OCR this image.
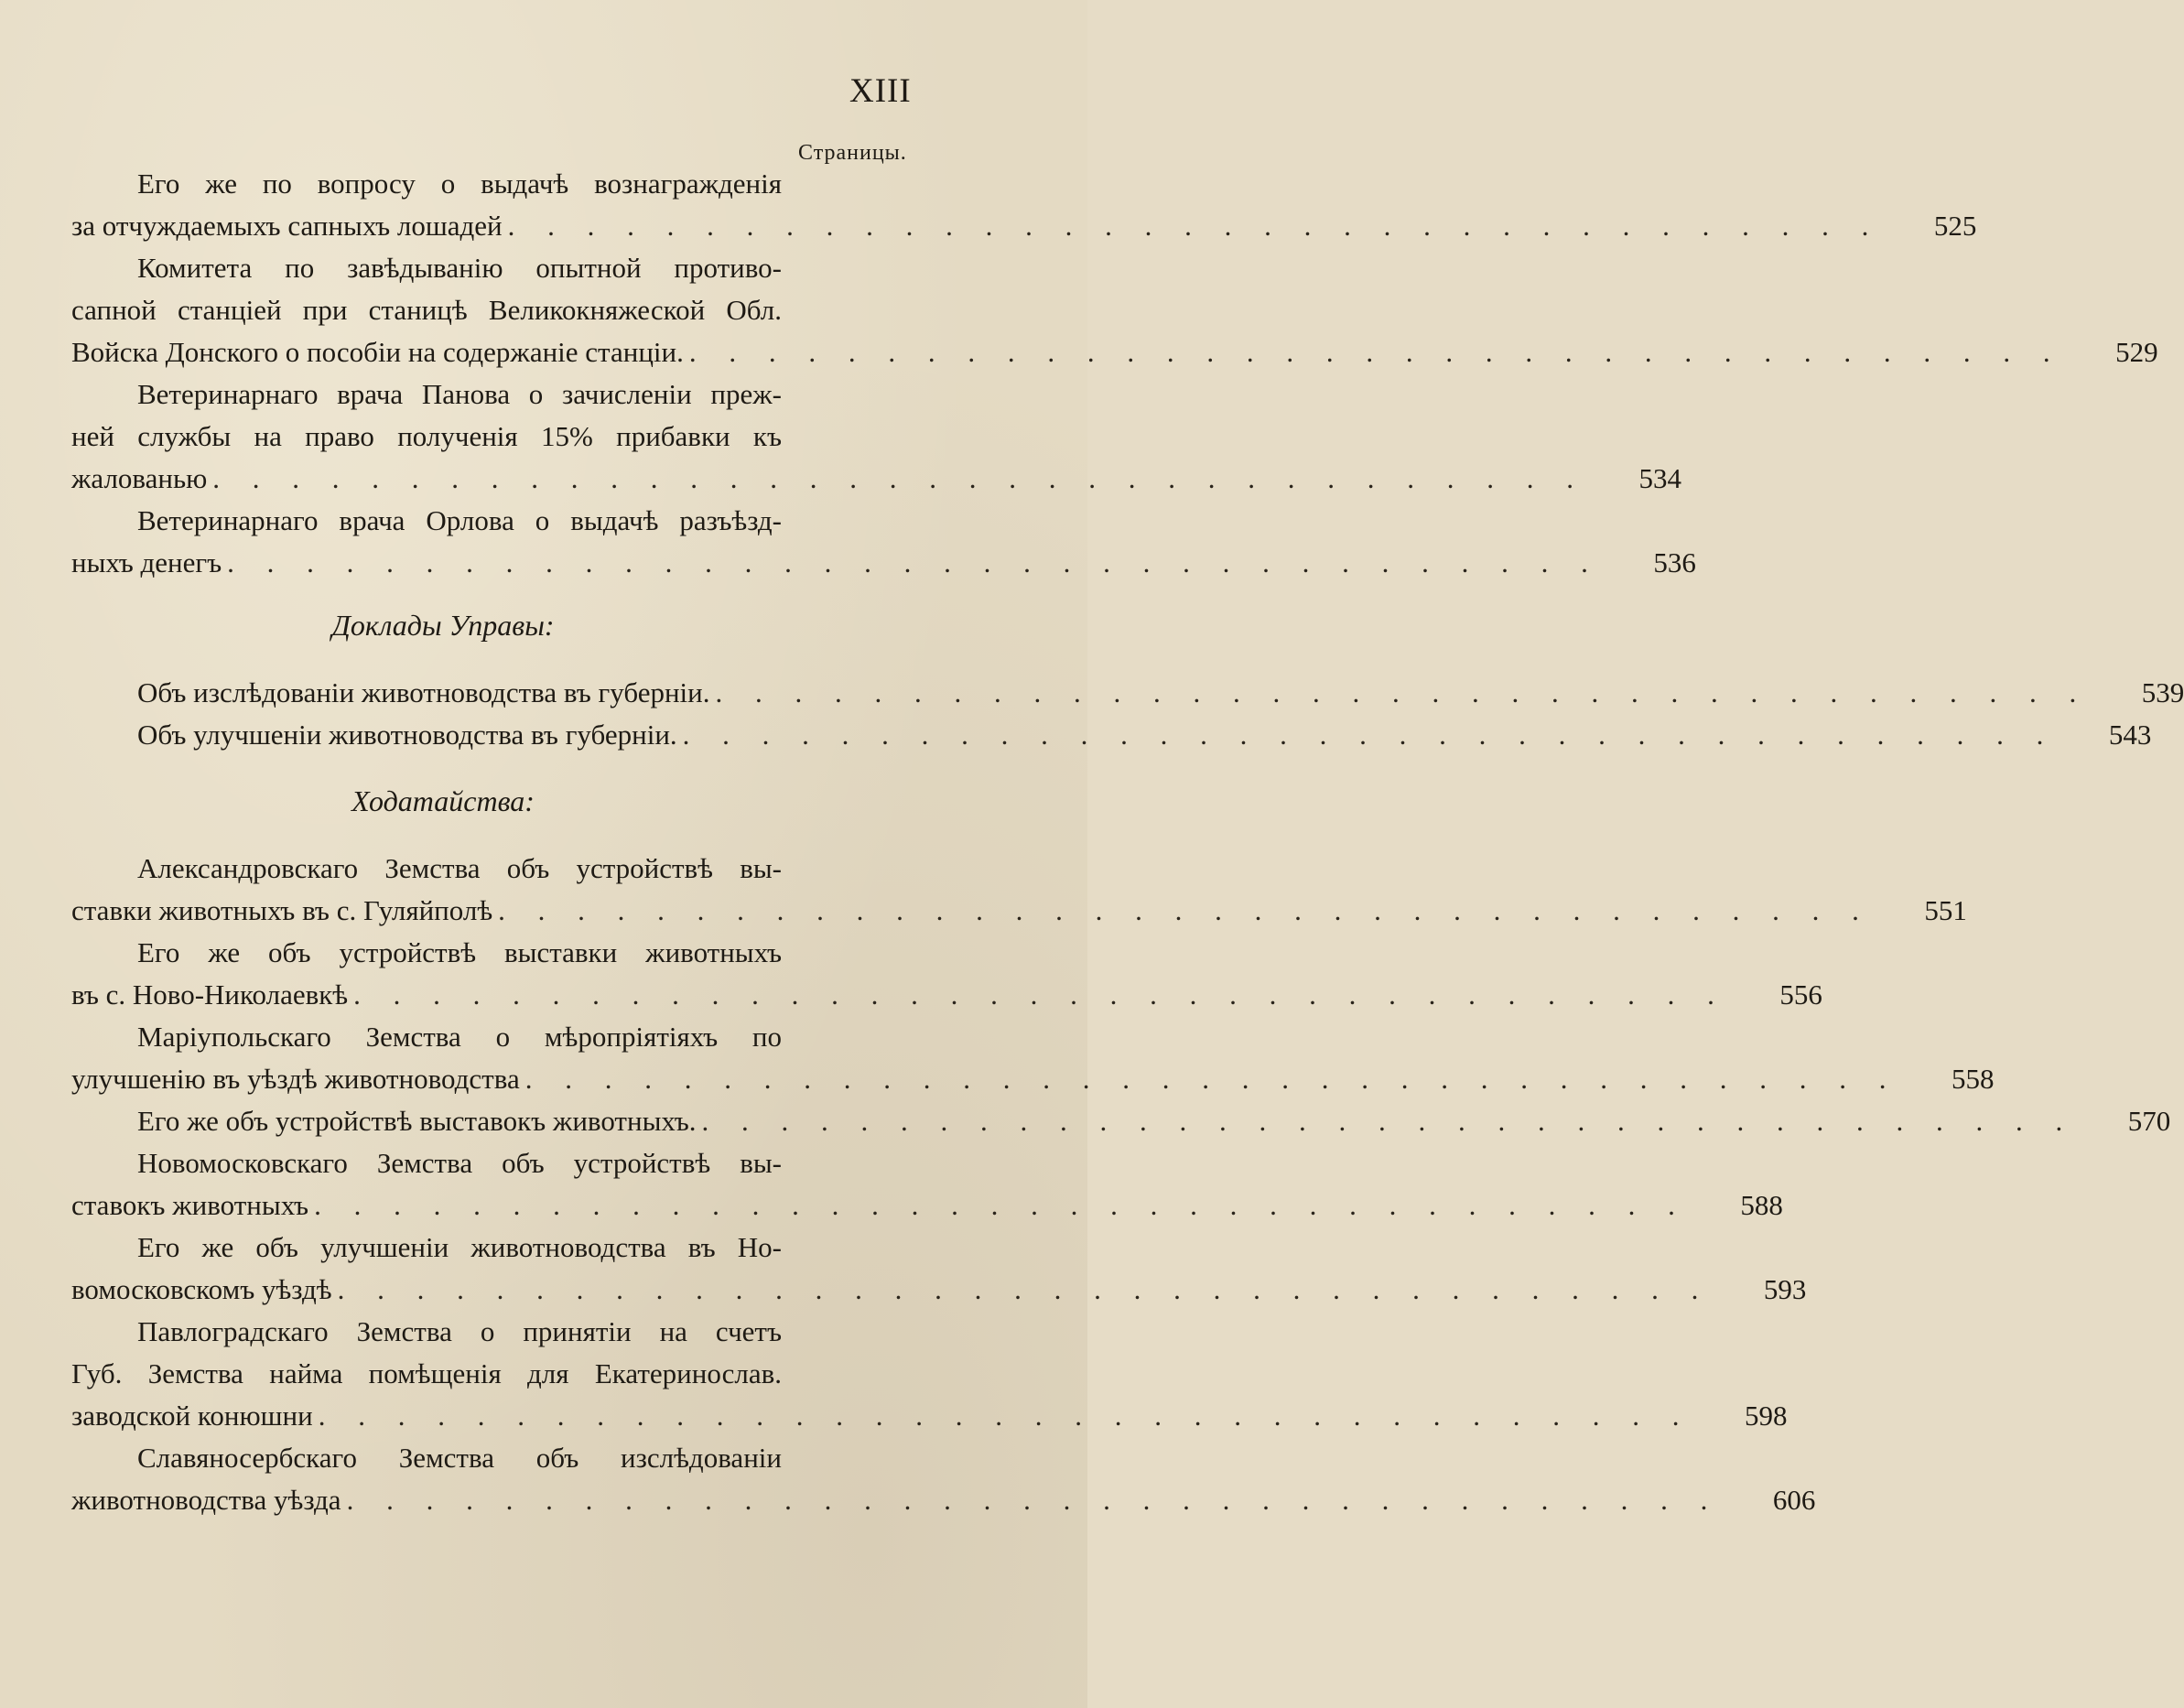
XIII
Страницы.
Его же по вопросу о выдачѣ вознагражденія
за отчуждаемыхъ сапныхъ лошадей . . . . . . . . . . . . . . . . . . . . . . . . . . . . . . . . . . .	525
Комитета по завѣдыванію опытной противо-
сапной станціей при станицѣ Великокняжеской Обл.
Войска Донского о пособіи на содержаніе станціи. . . . . . . . . . . . . . . . . . . . . . . . . . . . . . . . . . . .	529
Ветеринарнаго врача Панова о зачисленіи преж-
ней службы на право полученія 15% прибавки къ
жалованью . . . . . . . . . . . . . . . . . . . . . . . . . . . . . . . . . . .	534
Ветеринарнаго врача Орлова о выдачѣ разъѣзд-
ныхъ денегъ . . . . . . . . . . . . . . . . . . . . . . . . . . . . . . . . . . .	536
Доклады Управы:
Объ изслѣдованіи животноводства въ губерніи. . . . . . . . . . . . . . . . . . . . . . . . . . . . . . . . . . . .	539
Объ улучшеніи животноводства въ губерніи. . . . . . . . . . . . . . . . . . . . . . . . . . . . . . . . . . . .	543
Ходатайства:
Александровскаго Земства объ устройствѣ вы-
ставки животныхъ въ с. Гуляйполѣ . . . . . . . . . . . . . . . . . . . . . . . . . . . . . . . . . . .	551
Его же объ устройствѣ выставки животныхъ
въ с. Ново-Николаевкѣ . . . . . . . . . . . . . . . . . . . . . . . . . . . . . . . . . . .	556
Маріупольскаго Земства о мѣропріятіяхъ по
улучшенію въ уѣздѣ животноводства . . . . . . . . . . . . . . . . . . . . . . . . . . . . . . . . . . .	558
Его же объ устройствѣ выставокъ животныхъ. . . . . . . . . . . . . . . . . . . . . . . . . . . . . . . . . . . .	570
Новомосковскаго Земства объ устройствѣ вы-
ставокъ животныхъ . . . . . . . . . . . . . . . . . . . . . . . . . . . . . . . . . . .	588
Его же объ улучшеніи животноводства въ Но-
вомосковскомъ уѣздѣ . . . . . . . . . . . . . . . . . . . . . . . . . . . . . . . . . . .	593
Павлоградскаго Земства о принятіи на счетъ
Губ. Земства найма помѣщенія для Екатеринослав.
заводской конюшни . . . . . . . . . . . . . . . . . . . . . . . . . . . . . . . . . . .	598
Славяносербскаго Земства объ изслѣдованіи
животноводства уѣзда . . . . . . . . . . . . . . . . . . . . . . . . . . . . . . . . . . .	606
